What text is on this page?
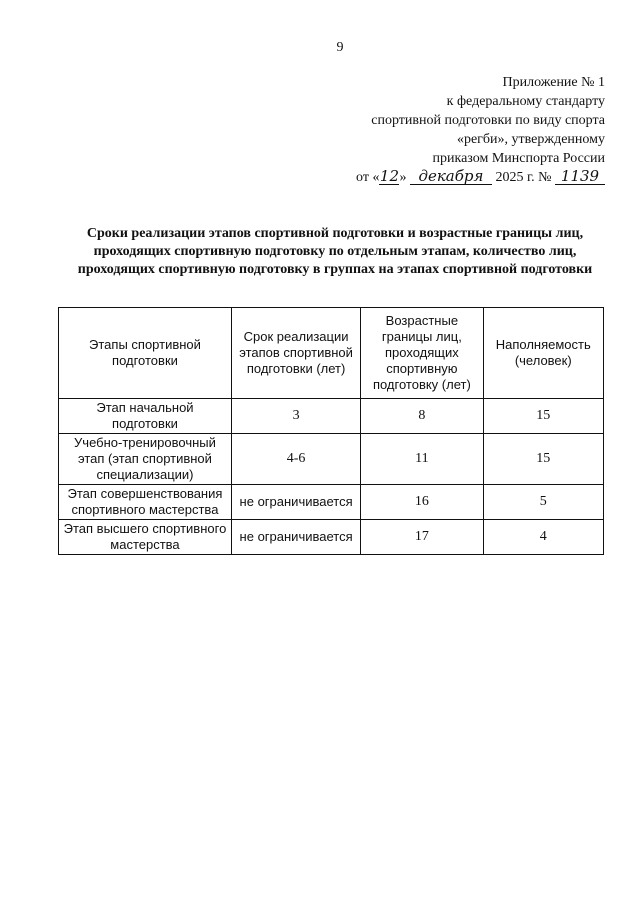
9
Приложение № 1
к федеральному стандарту
спортивной подготовки по виду спорта
«регби», утвержденному
приказом Минспорта России
от «12» декабря 2025 г. № 1139
Сроки реализации этапов спортивной подготовки и возрастные границы лиц, проходящих спортивную подготовку по отдельным этапам, количество лиц, проходящих спортивную подготовку в группах на этапах спортивной подготовки
Этапы спортивной подготовки	Срок реализации этапов спортивной подготовки (лет)	Возрастные границы лиц, проходящих спортивную подготовку (лет)	Наполняемость (человек)
Этап начальной подготовки	3	8	15
Учебно-тренировочный этап (этап спортивной специализации)	4-6	11	15
Этап совершенствования спортивного мастерства	не ограничивается	16	5
Этап высшего спортивного мастерства	не ограничивается	17	4
